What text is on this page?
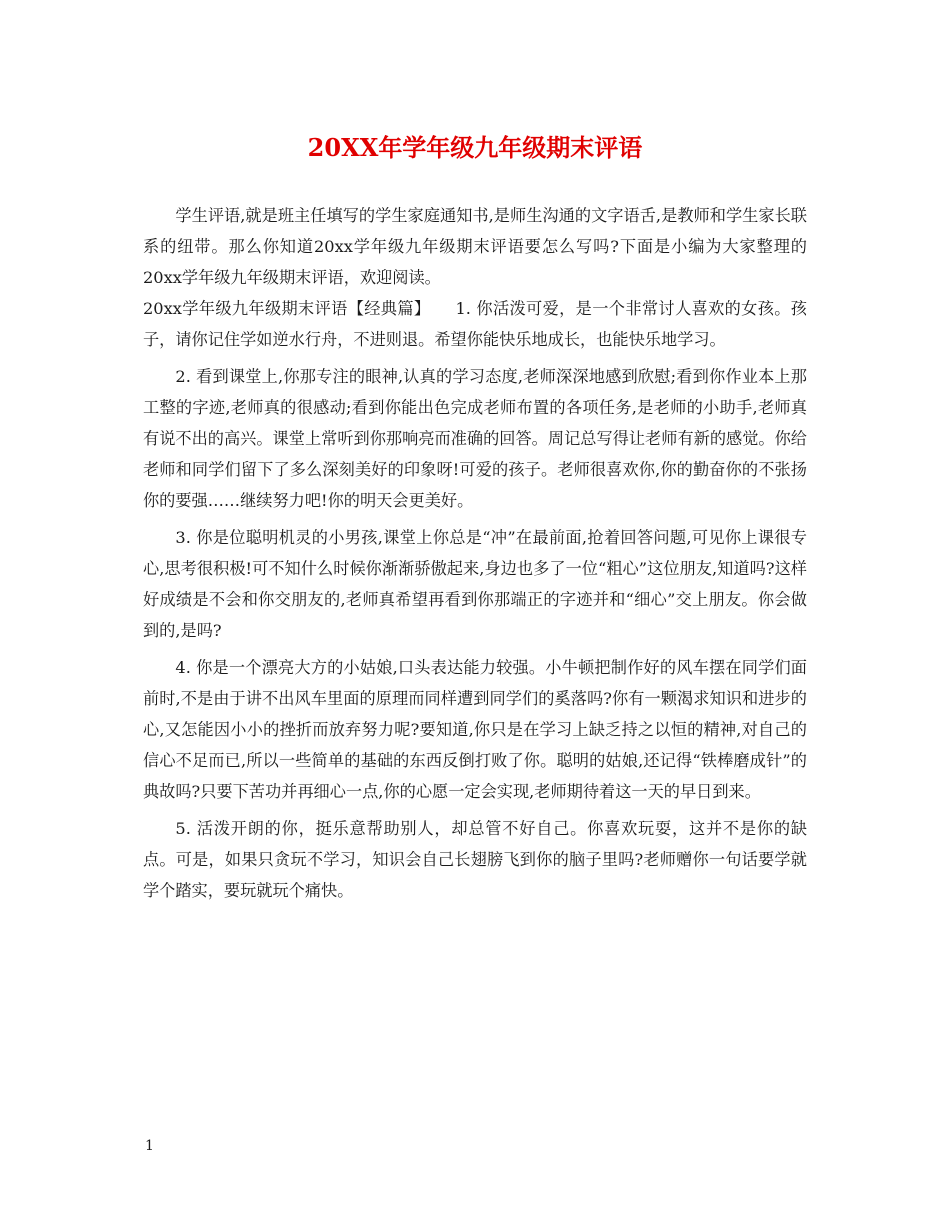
20XX年学年级九年级期末评语

学生评语,就是班主任填写的学生家庭通知书,是师生沟通的文字语舌,是教师和学生家长联系的纽带。那么你知道20xx学年级九年级期末评语要怎么写吗?下面是小编为大家整理的20xx学年级九年级期末评语，欢迎阅读。

20xx学年级九年级期末评语【经典篇】　　1. 你活泼可爱，是一个非常讨人喜欢的女孩。孩子，请你记住学如逆水行舟，不进则退。希望你能快乐地成长，也能快乐地学习。

2. 看到课堂上,你那专注的眼神,认真的学习态度,老师深深地感到欣慰;看到你作业本上那工整的字迹,老师真的很感动;看到你能出色完成老师布置的各项任务,是老师的小助手,老师真有说不出的高兴。课堂上常听到你那响亮而准确的回答。周记总写得让老师有新的感觉。你给老师和同学们留下了多么深刻美好的印象呀!可爱的孩子。老师很喜欢你,你的勤奋你的不张扬你的要强……继续努力吧!你的明天会更美好。

3. 你是位聪明机灵的小男孩,课堂上你总是“冲”在最前面,抢着回答问题,可见你上课很专心,思考很积极!可不知什么时候你渐渐骄傲起来,身边也多了一位“粗心”这位朋友,知道吗?这样好成绩是不会和你交朋友的,老师真希望再看到你那端正的字迹并和“细心”交上朋友。你会做到的,是吗?

4. 你是一个漂亮大方的小姑娘,口头表达能力较强。小牛顿把制作好的风车摆在同学们面前时,不是由于讲不出风车里面的原理而同样遭到同学们的奚落吗?你有一颗渴求知识和进步的心,又怎能因小小的挫折而放弃努力呢?要知道,你只是在学习上缺乏持之以恒的精神,对自己的信心不足而已,所以一些简单的基础的东西反倒打败了你。聪明的姑娘,还记得“铁棒磨成针”的典故吗?只要下苦功并再细心一点,你的心愿一定会实现,老师期待着这一天的早日到来。

5. 活泼开朗的你，挺乐意帮助别人，却总管不好自己。你喜欢玩耍，这并不是你的缺点。可是，如果只贪玩不学习，知识会自己长翅膀飞到你的脑子里吗?老师赠你一句话要学就学个踏实，要玩就玩个痛快。

1
